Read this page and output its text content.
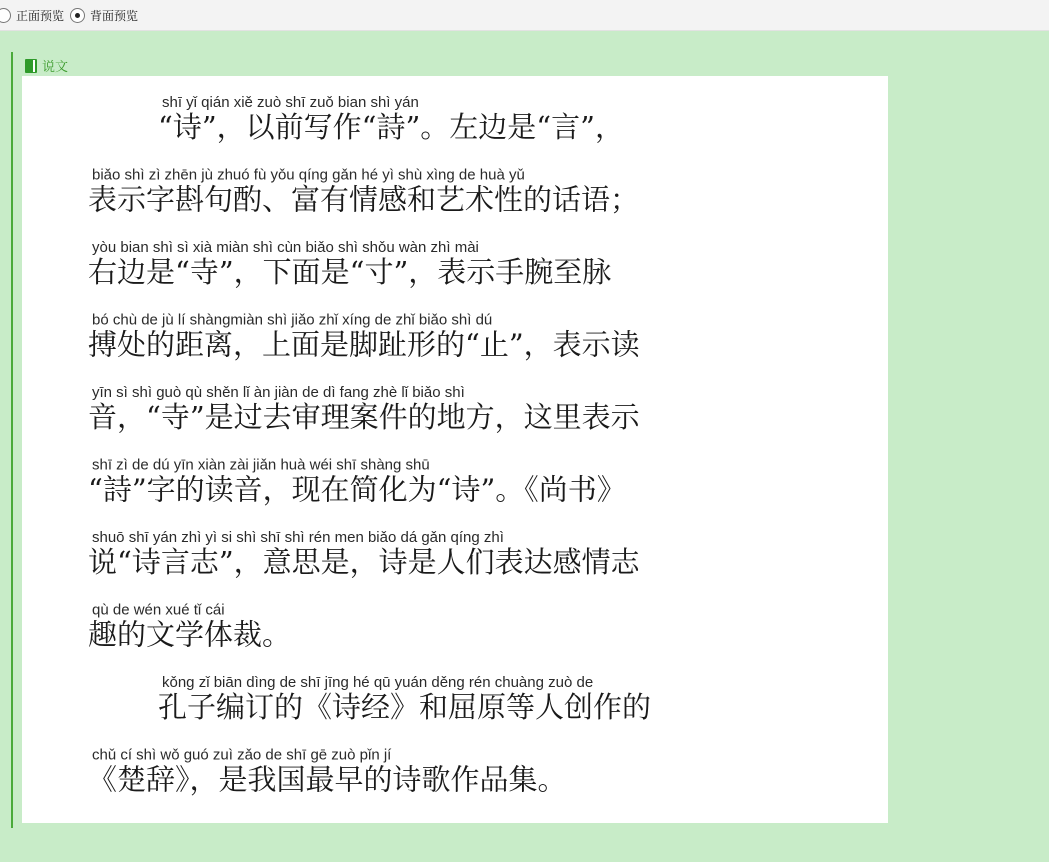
正面预览 背面预览
说文
shī yǐ qián xiě zuò shī zuǒ bian shì yán
“诗”，以前写作“詩”。左边是“言”，
biǎo shì zì zhēn jù zhuó fù yǒu qíng gǎn hé yì shù xìng de huà yǔ
表示字斟句酌、富有情感和艺术性的话语；
yòu bian shì sì xià miàn shì cùn biǎo shì shǒu wàn zhì mài
右边是“寺”，下面是“寸”，表示手腕至脉
bó chù de jù lí shàngmiàn shì jiǎo zhǐ xíng de zhǐ biǎo shì dú
搏处的距离，上面是脚趾形的“止”，表示读
yīn sì shì guò qù shěn lǐ àn jiàn de dì fang zhè lǐ biǎo shì
音，“寺”是过去审理案件的地方，这里表示
shī zì de dú yīn xiàn zài jiǎn huà wéi shī shàng shū
“詩”字的读音，现在简化为“诗”。《尚书》
shuō shī yán zhì yì si shì shī shì rén men biǎo dá gǎn qíng zhì
说“诗言志”，意思是，诗是人们表达感情志
qù de wén xué tǐ cái
趣的文学体裁。
kǒng zǐ biān dìng de shī jīng hé qū yuán děng rén chuàng zuò de
孔子编订的《诗经》和屈原等人创作的
chǔ cí shì wǒ guó zuì zǎo de shī gē zuò pǐn jí
《楚辞》，是我国最早的诗歌作品集。
